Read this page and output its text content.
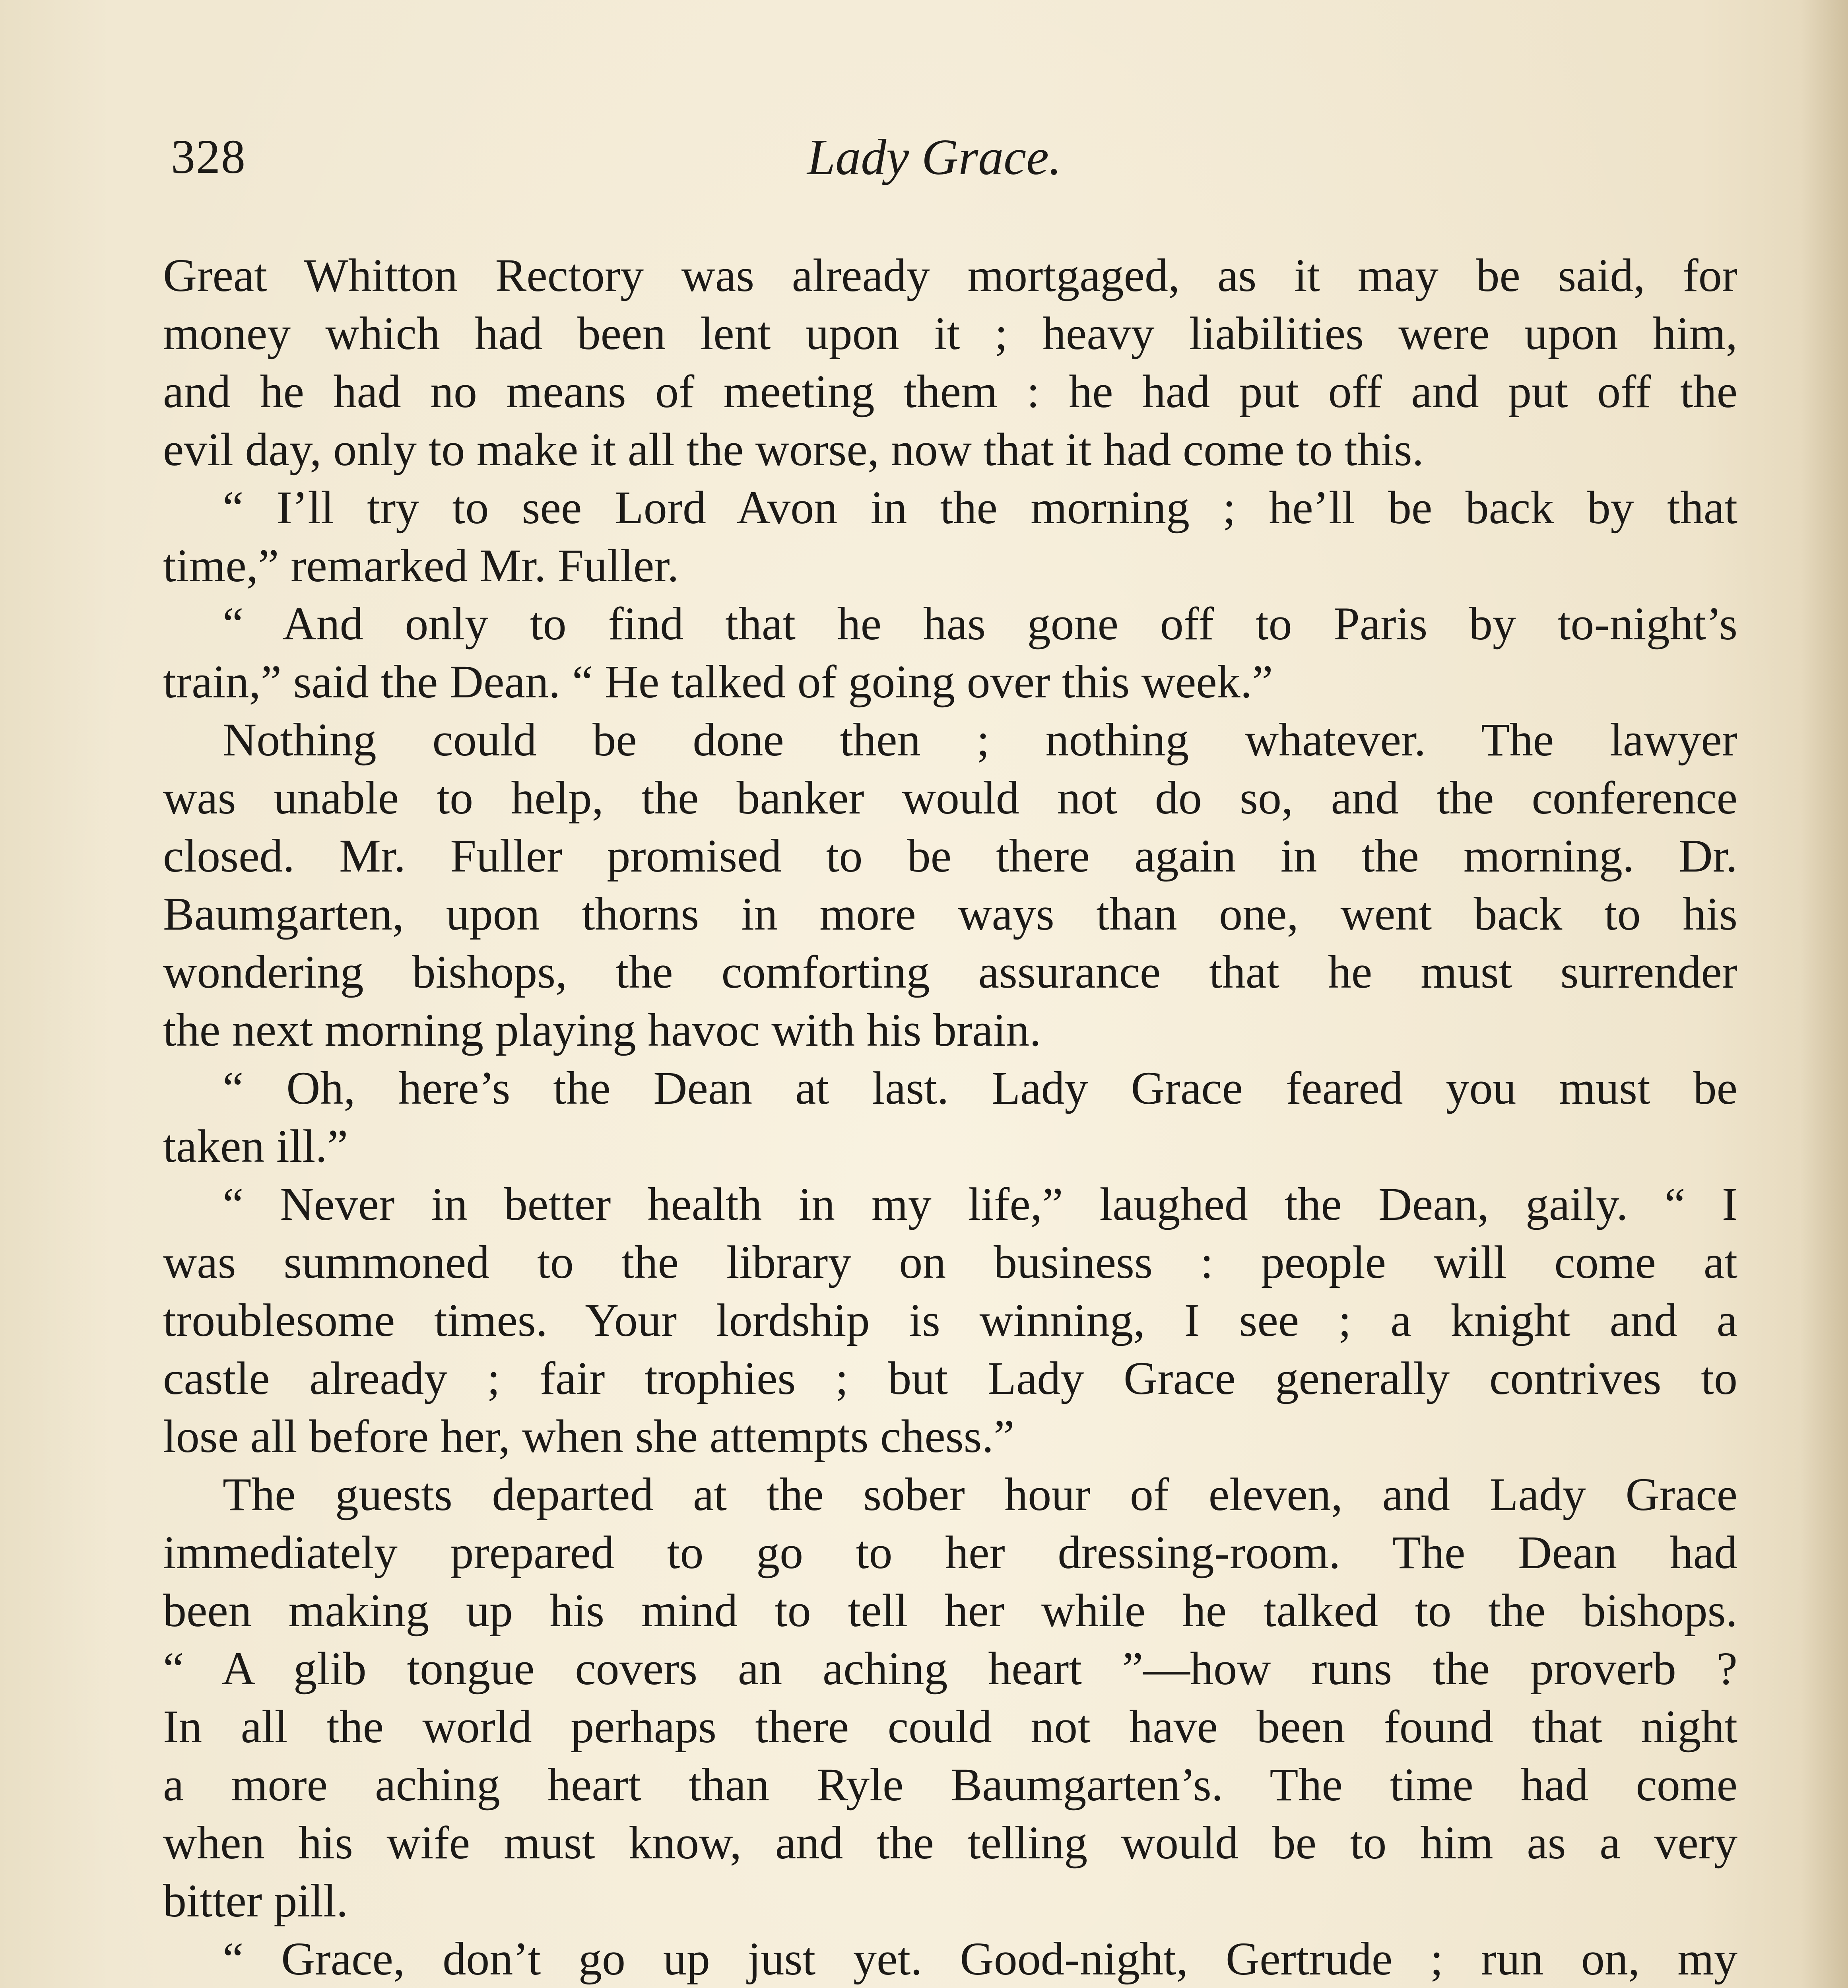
328	Lady Grace.
Great Whitton Rectory was already mortgaged, as it may be said, for
money which had been lent upon it ; heavy liabilities were upon him,
and he had no means of meeting them : he had put off and put off the
evil day, only to make it all the worse, now that it had come to this.
“ I’ll try to see Lord Avon in the morning ; he’ll be back by that
time,” remarked Mr. Fuller.
“ And only to find that he has gone off to Paris by to-night’s
train,” said the Dean. “ He talked of going over this week.”
Nothing could be done then ; nothing whatever. The lawyer
was unable to help, the banker would not do so, and the conference
closed. Mr. Fuller promised to be there again in the morning. Dr.
Baumgarten, upon thorns in more ways than one, went back to his
wondering bishops, the comforting assurance that he must surrender
the next morning playing havoc with his brain.
“ Oh, here’s the Dean at last. Lady Grace feared you must be
taken ill.”
“ Never in better health in my life,” laughed the Dean, gaily. “ I
was summoned to the library on business : people will come at
troublesome times. Your lordship is winning, I see ; a knight and a
castle already ; fair trophies ; but Lady Grace generally contrives to
lose all before her, when she attempts chess.”
The guests departed at the sober hour of eleven, and Lady Grace
immediately prepared to go to her dressing-room. The Dean had
been making up his mind to tell her while he talked to the bishops.
“ A glib tongue covers an aching heart ”—how runs the proverb ?
In all the world perhaps there could not have been found that night
a more aching heart than Ryle Baumgarten’s. The time had come
when his wife must know, and the telling would be to him as a very
bitter pill.
“ Grace, don’t go up just yet. Good-night, Gertrude ; run on, my
